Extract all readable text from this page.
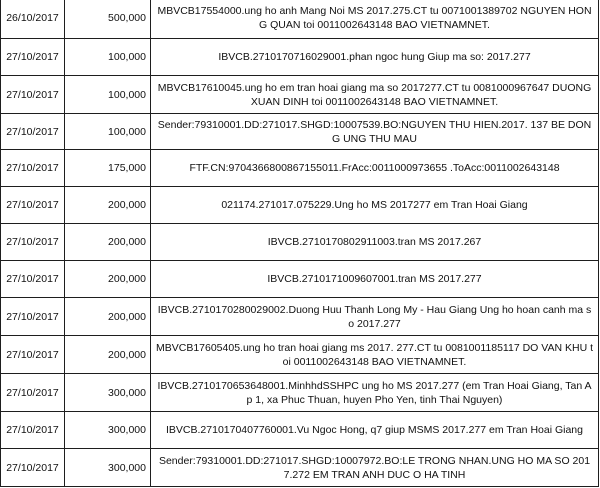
26/10/2017	500,000	MBVCB17554000.ung ho anh Mang Noi MS 2017.275.CT tu 0071001389702 NGUYEN HONG QUAN toi 0011002643148 BAO VIETNAMNET.
27/10/2017	100,000	IBVCB.2710170716029001.phan ngoc hung Giup ma so: 2017.277
27/10/2017	100,000	MBVCB17610045.ung ho em tran hoai giang ma so 2017277.CT tu 0081000967647 DUONG XUAN DINH toi 0011002643148 BAO VIETNAMNET.
27/10/2017	100,000	Sender:79310001.DD:271017.SHGD:10007539.BO:NGUYEN THU HIEN.2017. 137 BE DONG UNG THU MAU
27/10/2017	175,000	FTF.CN:9704366800867155011.FrAcc:0011000973655 .ToAcc:0011002643148
27/10/2017	200,000	021174.271017.075229.Ung ho MS 2017277 em Tran Hoai Giang
27/10/2017	200,000	IBVCB.2710170802911003.tran MS 2017.267
27/10/2017	200,000	IBVCB.2710171009607001.tran MS 2017.277
27/10/2017	200,000	IBVCB.2710170280029002.Duong Huu Thanh Long My - Hau Giang Ung ho hoan canh ma so 2017.277
27/10/2017	200,000	MBVCB17605405.ung ho tran hoai giang ms 2017. 277.CT tu 0081001185117 DO VAN KHU toi 0011002643148 BAO VIETNAMNET.
27/10/2017	300,000	IBVCB.2710170653648001.MinhhdSSHPC ung ho MS 2017.277 (em Tran Hoai Giang, Tan Ap 1, xa Phuc Thuan, huyen Pho Yen, tinh Thai Nguyen)
27/10/2017	300,000	IBVCB.2710170407760001.Vu Ngoc Hong, q7 giup MSMS 2017.277 em Tran Hoai Giang
27/10/2017	300,000	Sender:79310001.DD:271017.SHGD:10007972.BO:LE TRONG NHAN.UNG HO MA SO 2017.272 EM TRAN ANH DUC O HA TINH
